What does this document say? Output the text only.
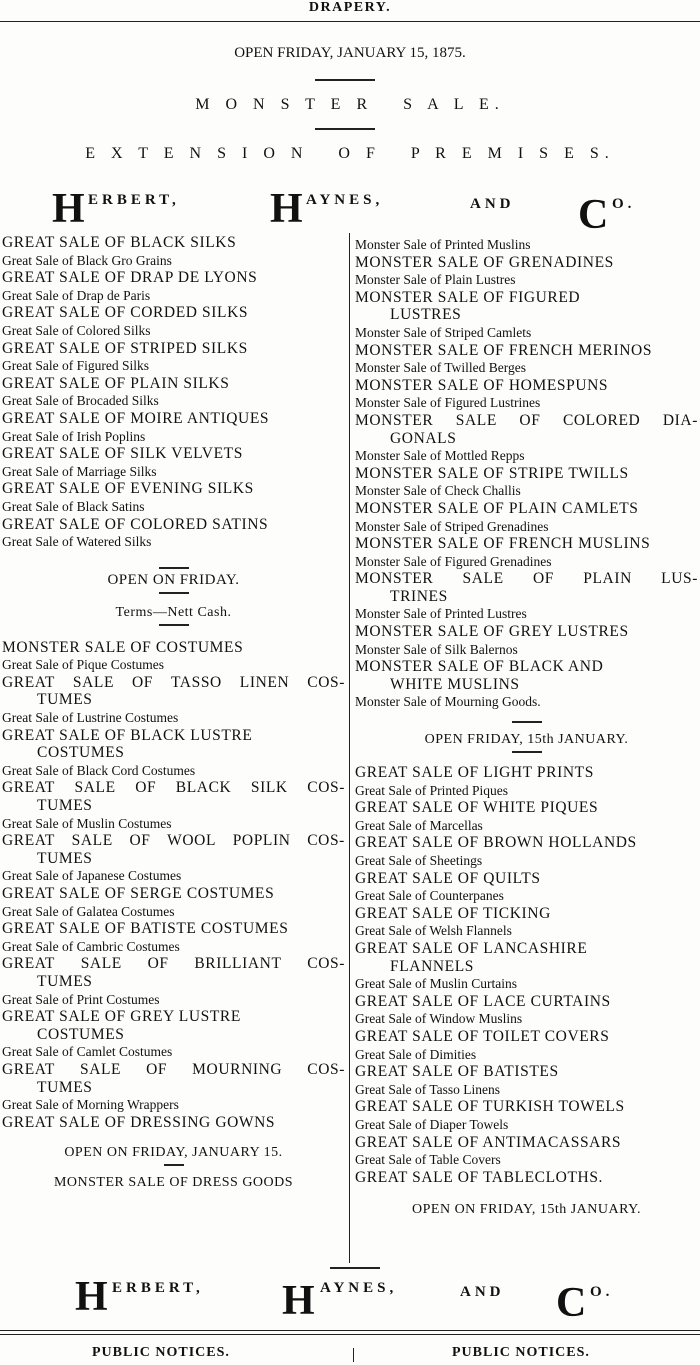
DRAPERY.
OPEN FRIDAY, JANUARY 15, 1875.
M O N S T E R   S A L E.
E X T E N S I O N   O F   P R E M I S E S.
H ERBERT, H AYNES,	AND C O.
GREAT SALE OF BLACK SILKS
Great Sale of Black Gro Grains
GREAT SALE OF DRAP DE LYONS
Great Sale of Drap de Paris
GREAT SALE OF CORDED SILKS
Great Sale of Colored Silks
GREAT SALE OF STRIPED SILKS
Great Sale of Figured Silks
GREAT SALE OF PLAIN SILKS
Great Sale of Brocaded Silks
GREAT SALE OF MOIRE ANTIQUES
Great Sale of Irish Poplins
GREAT SALE OF SILK VELVETS
Great Sale of Marriage Silks
GREAT SALE OF EVENING SILKS
Great Sale of Black Satins
GREAT SALE OF COLORED SATINS
Great Sale of Watered Silks
OPEN ON FRIDAY.
Terms—Nett Cash.
MONSTER SALE OF COSTUMES
Great Sale of Pique Costumes
GREAT SALE OF TASSO LINEN COS-
TUMES
Great Sale of Lustrine Costumes
GREAT SALE OF BLACK LUSTRE
COSTUMES
Great Sale of Black Cord Costumes
GREAT SALE OF BLACK SILK COS-
TUMES
Great Sale of Muslin Costumes
GREAT SALE OF WOOL POPLIN COS-
TUMES
Great Sale of Japanese Costumes
GREAT SALE OF SERGE COSTUMES
Great Sale of Galatea Costumes
GREAT SALE OF BATISTE COSTUMES
Great Sale of Cambric Costumes
GREAT SALE OF BRILLIANT COS-
TUMES
Great Sale of Print Costumes
GREAT SALE OF GREY LUSTRE
COSTUMES
Great Sale of Camlet Costumes
GREAT SALE OF MOURNING COS-
TUMES
Great Sale of Morning Wrappers
GREAT SALE OF DRESSING GOWNS
OPEN ON FRIDAY, JANUARY 15.
MONSTER SALE OF DRESS GOODS
Monster Sale of Printed Muslins
MONSTER SALE OF GRENADINES
Monster Sale of Plain Lustres
MONSTER SALE OF FIGURED
LUSTRES
Monster Sale of Striped Camlets
MONSTER SALE OF FRENCH MERINOS
Monster Sale of Twilled Berges
MONSTER SALE OF HOMESPUNS
Monster Sale of Figured Lustrines
MONSTER SALE OF COLORED DIA-
GONALS
Monster Sale of Mottled Repps
MONSTER SALE OF STRIPE TWILLS
Monster Sale of Check Challis
MONSTER SALE OF PLAIN CAMLETS
Monster Sale of Striped Grenadines
MONSTER SALE OF FRENCH MUSLINS
Monster Sale of Figured Grenadines
MONSTER SALE OF PLAIN LUS-
TRINES
Monster Sale of Printed Lustres
MONSTER SALE OF GREY LUSTRES
Monster Sale of Silk Balernos
MONSTER SALE OF BLACK AND
WHITE MUSLINS
Monster Sale of Mourning Goods.
OPEN FRIDAY, 15th JANUARY.
GREAT SALE OF LIGHT PRINTS
Great Sale of Printed Piques
GREAT SALE OF WHITE PIQUES
Great Sale of Marcellas
GREAT SALE OF BROWN HOLLANDS
Great Sale of Sheetings
GREAT SALE OF QUILTS
Great Sale of Counterpanes
GREAT SALE OF TICKING
Great Sale of Welsh Flannels
GREAT SALE OF LANCASHIRE
FLANNELS
Great Sale of Muslin Curtains
GREAT SALE OF LACE CURTAINS
Great Sale of Window Muslins
GREAT SALE OF TOILET COVERS
Great Sale of Dimities
GREAT SALE OF BATISTES
Great Sale of Tasso Linens
GREAT SALE OF TURKISH TOWELS
Great Sale of Diaper Towels
GREAT SALE OF ANTIMACASSARS
Great Sale of Table Covers
GREAT SALE OF TABLECLOTHS.
OPEN ON FRIDAY, 15th JANUARY.
H ERBERT, H AYNES,	AND C O.
PUBLIC NOTICES.	PUBLIC NOTICES.
